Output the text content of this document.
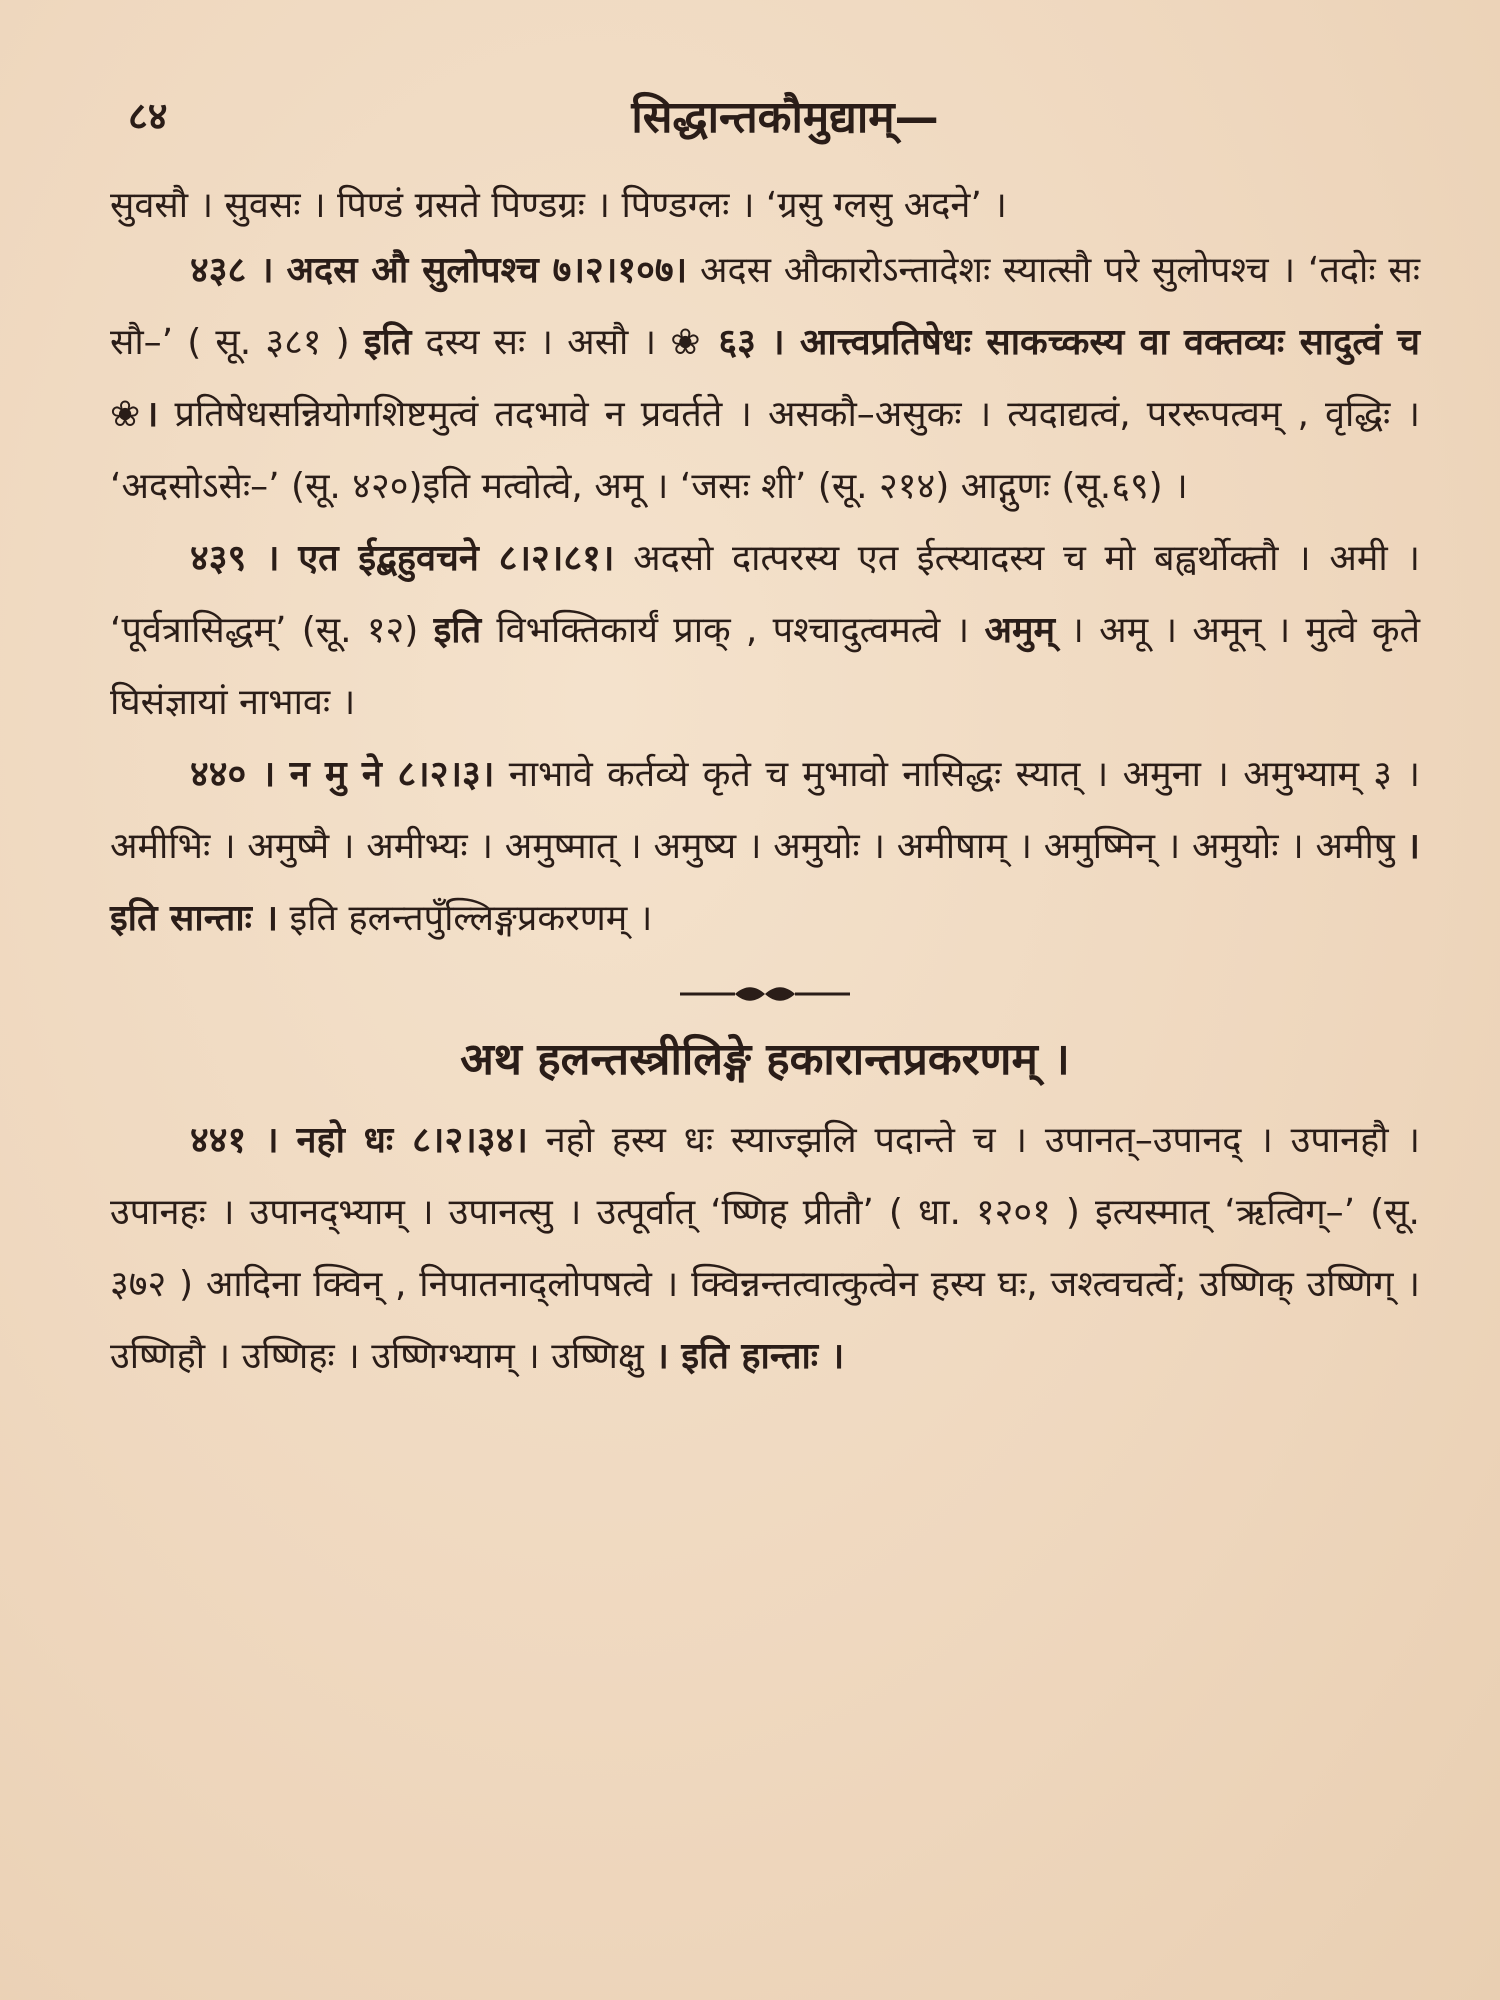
८४	सिद्धान्तकौमुद्याम्—

सुवसौ । सुवसः । पिण्डं ग्रसते पिण्डग्रः । पिण्डग्लः । ‘ग्रसु ग्लसु अदने’ ।

४३८ । अदस औ सुलोपश्च ७।२।१०७। अदस औकारोऽन्तादेशः स्यात्सौ परे सुलोपश्च । ‘तदोः सः सौ–’ ( सू. ३८१ ) इति दस्य सः । असौ । ❀ ६३ । आत्त्वप्रतिषेधः साकच्कस्य वा वक्तव्यः सादुत्वं च ❀। प्रतिषेधसन्नियोगशिष्टमुत्वं तदभावे न प्रवर्तते । असकौ–असुकः । त्यदाद्यत्वं, पररूपत्वम् , वृद्धिः । ‘अदसोऽसेः–’ (सू. ४२०)इति मत्वोत्वे, अमू । ‘जसः शी’ (सू. २१४) आद्गुणः (सू.६९) ।

४३९ । एत ईद्बहुवचने ८।२।८१। अदसो दात्परस्य एत ईत्स्यादस्य च मो बह्वर्थोक्तौ । अमी । ‘पूर्वत्रासिद्धम्’ (सू. १२) इति विभक्तिकार्यं प्राक् , पश्चादुत्वमत्वे । अमुम् । अमू । अमून् । मुत्वे कृते घिसंज्ञायां नाभावः ।

४४० । न मु ने ८।२।३। नाभावे कर्तव्ये कृते च मुभावो नासिद्धः स्यात् । अमुना । अमुभ्याम् ३ । अमीभिः । अमुष्मै । अमीभ्यः । अमुष्मात् । अमुष्य । अमुयोः । अमीषाम् । अमुष्मिन् । अमुयोः । अमीषु । इति सान्ताः । इति हलन्तपुँल्लिङ्गप्रकरणम् ।

अथ हलन्तस्त्रीलिङ्गे हकारान्तप्रकरणम् ।

४४१ । नहो धः ८।२।३४। नहो हस्य धः स्याज्झलि पदान्ते च । उपानत्–उपानद् । उपानहौ । उपानहः । उपानद्भ्याम् । उपानत्सु । उत्पूर्वात् ‘ष्णिह प्रीतौ’ ( धा. १२०१ ) इत्यस्मात् ‘ऋत्विग्–’ (सू. ३७२ ) आदिना क्विन् , निपातनाद्लोपषत्वे । क्विन्नन्तत्वात्कुत्वेन हस्य घः, जश्त्वचर्त्वे; उष्णिक् उष्णिग् । उष्णिहौ । उष्णिहः । उष्णिग्भ्याम् । उष्णिक्षु । इति हान्ताः ।
